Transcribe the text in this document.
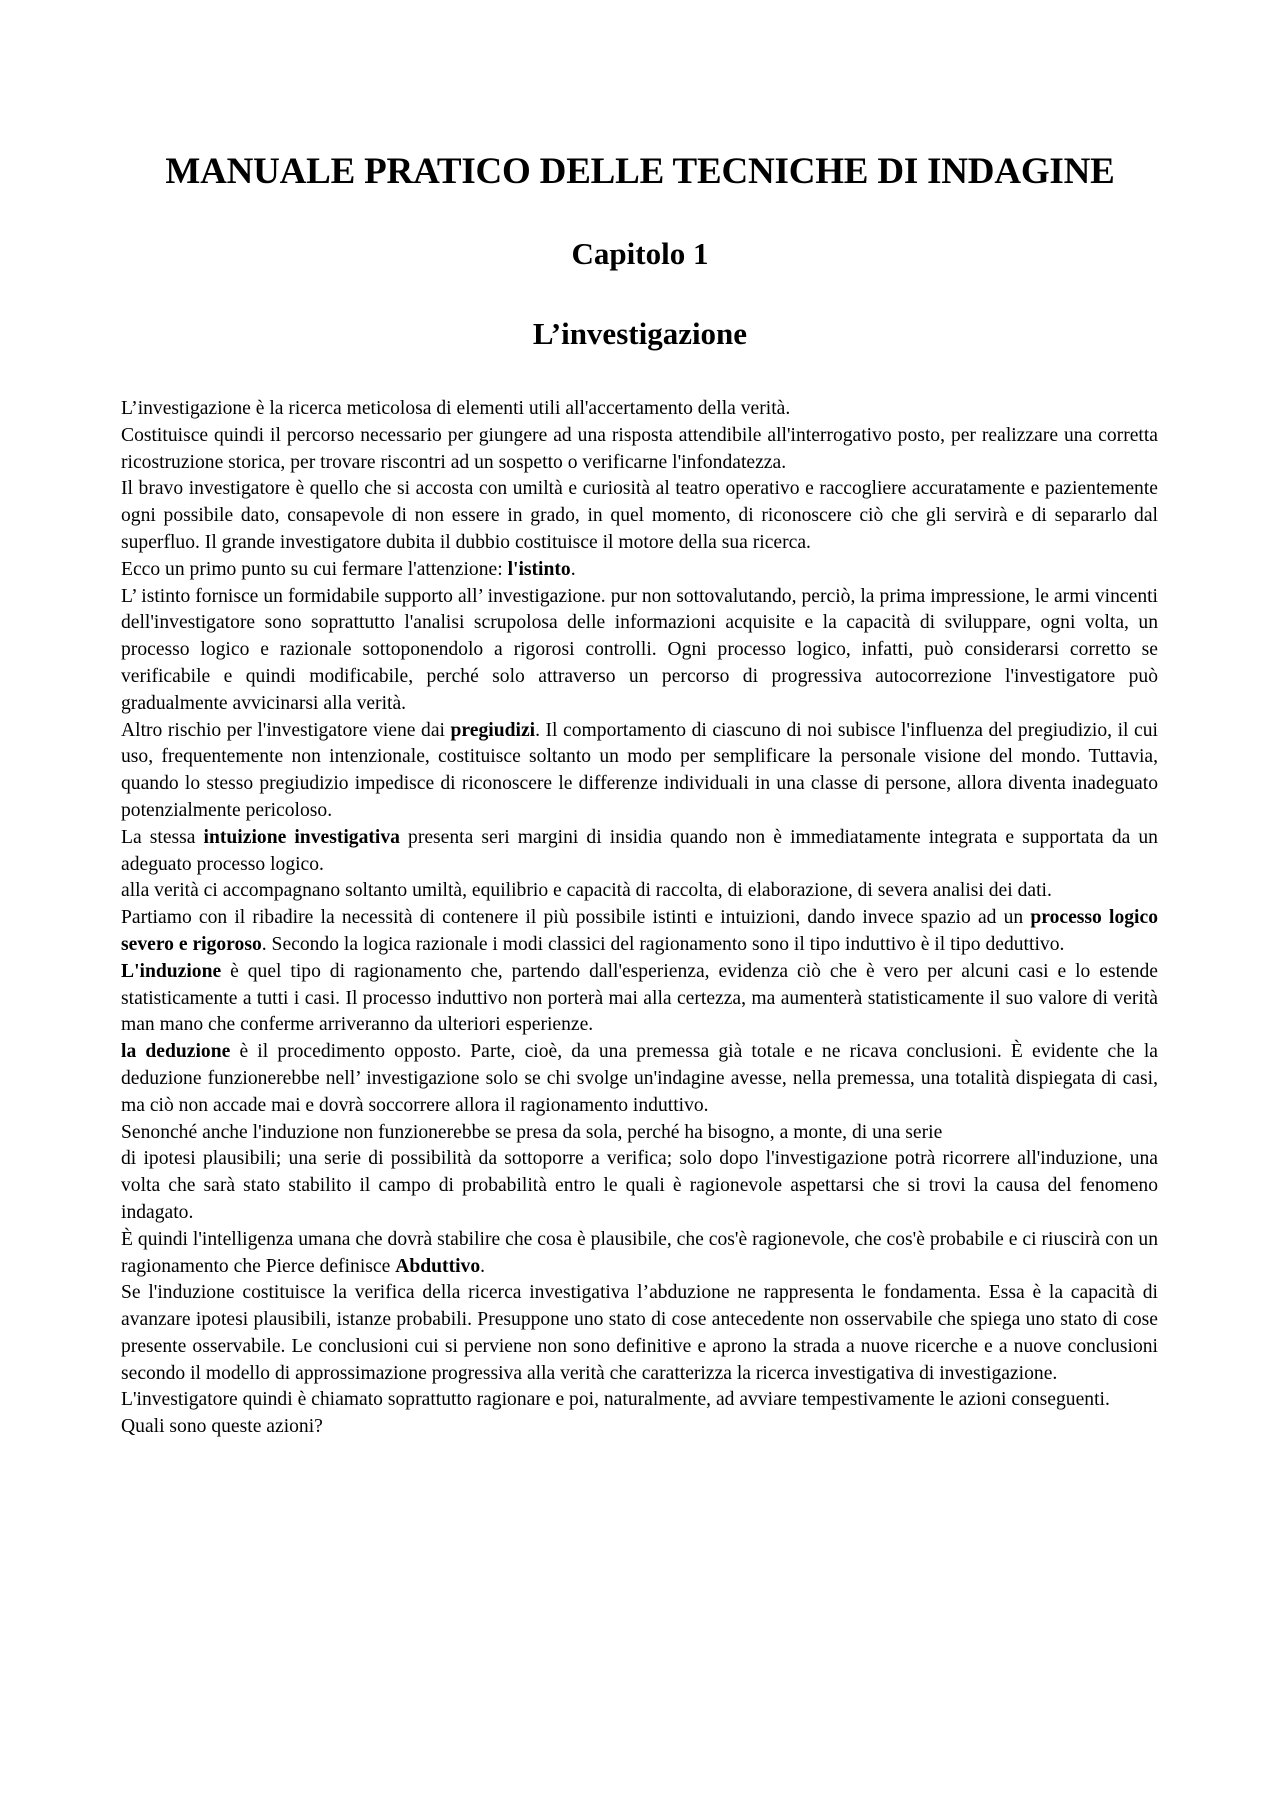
MANUALE PRATICO DELLE TECNICHE DI INDAGINE
Capitolo 1
L’investigazione

L’investigazione è la ricerca meticolosa di elementi utili all'accertamento della verità.

Costituisce quindi il percorso necessario per giungere ad una risposta attendibile all'interrogativo posto, per realizzare una corretta ricostruzione storica, per trovare riscontri ad un sospetto o verificarne l'infondatezza.

Il bravo investigatore è quello che si accosta con umiltà e curiosità al teatro operativo e raccogliere accuratamente e pazientemente ogni possibile dato, consapevole di non essere in grado, in quel momento, di riconoscere ciò che gli servirà e di separarlo dal superfluo. Il grande investigatore dubita il dubbio costituisce il motore della sua ricerca.

Ecco un primo punto su cui fermare l'attenzione: l'istinto.

L’ istinto fornisce un formidabile supporto all’ investigazione. pur non sottovalutando, perciò, la prima impressione, le armi vincenti dell'investigatore sono soprattutto l'analisi scrupolosa delle informazioni acquisite e la capacità di sviluppare, ogni volta, un processo logico e razionale sottoponendolo a rigorosi controlli. Ogni processo logico, infatti, può considerarsi corretto se verificabile e quindi modificabile, perché solo attraverso un percorso di progressiva autocorrezione l'investigatore può gradualmente avvicinarsi alla verità.

Altro rischio per l'investigatore viene dai pregiudizi. Il comportamento di ciascuno di noi subisce l'influenza del pregiudizio, il cui uso, frequentemente non intenzionale, costituisce soltanto un modo per semplificare la personale visione del mondo. Tuttavia, quando lo stesso pregiudizio impedisce di riconoscere le differenze individuali in una classe di persone, allora diventa inadeguato potenzialmente pericoloso.

La stessa intuizione investigativa presenta seri margini di insidia quando non è immediatamente integrata e supportata da un adeguato processo logico.

alla verità ci accompagnano soltanto umiltà, equilibrio e capacità di raccolta, di elaborazione, di severa analisi dei dati.

Partiamo con il ribadire la necessità di contenere il più possibile istinti e intuizioni, dando invece spazio ad un processo logico severo e rigoroso. Secondo la logica razionale i modi classici del ragionamento sono il tipo induttivo è il tipo deduttivo.

L'induzione è quel tipo di ragionamento che, partendo dall'esperienza, evidenza ciò che è vero per alcuni casi e lo estende statisticamente a tutti i casi. Il processo induttivo non porterà mai alla certezza, ma aumenterà statisticamente il suo valore di verità man mano che conferme arriveranno da ulteriori esperienze.

la deduzione è il procedimento opposto. Parte, cioè, da una premessa già totale e ne ricava conclusioni. È evidente che la deduzione funzionerebbe nell’ investigazione solo se chi svolge un'indagine avesse, nella premessa, una totalità dispiegata di casi, ma ciò non accade mai e dovrà soccorrere allora il ragionamento induttivo.

Senonché anche l'induzione non funzionerebbe se presa da sola, perché ha bisogno, a monte, di una serie

di ipotesi plausibili; una serie di possibilità da sottoporre a verifica; solo dopo l'investigazione potrà ricorrere all'induzione, una volta che sarà stato stabilito il campo di probabilità entro le quali è ragionevole aspettarsi che si trovi la causa del fenomeno indagato.

È quindi l'intelligenza umana che dovrà stabilire che cosa è plausibile, che cos'è ragionevole, che cos'è probabile e ci riuscirà con un ragionamento che Pierce definisce Abduttivo.

Se l'induzione costituisce la verifica della ricerca investigativa l’abduzione ne rappresenta le fondamenta. Essa è la capacità di avanzare ipotesi plausibili, istanze probabili. Presuppone uno stato di cose antecedente non osservabile che spiega uno stato di cose presente osservabile. Le conclusioni cui si perviene non sono definitive e aprono la strada a nuove ricerche e a nuove conclusioni secondo il modello di approssimazione progressiva alla verità che caratterizza la ricerca investigativa di investigazione.

L'investigatore quindi è chiamato soprattutto ragionare e poi, naturalmente, ad avviare tempestivamente le azioni conseguenti.

Quali sono queste azioni?
